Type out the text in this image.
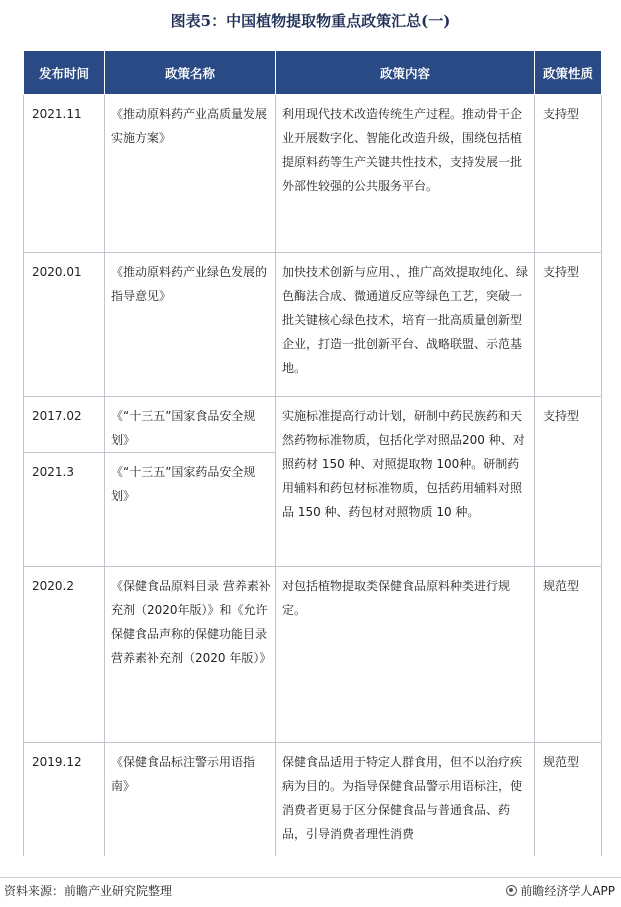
图表5：中国植物提取物重点政策汇总(一)
发布时间	政策名称	政策内容	政策性质
2021.11	《推动原料药产业高质量发展实施方案》	利用现代技术改造传统生产过程。推动骨干企业开展数字化、智能化改造升级，围绕包括植提原料药等生产关键共性技术，支持发展一批外部性较强的公共服务平台。	支持型
2020.01	《推动原料药产业绿色发展的指导意见》	加快技术创新与应用、，推广高效提取纯化、绿色酶法合成、微通道反应等绿色工艺，突破一批关键核心绿色技术，培育一批高质量创新型企业，打造一批创新平台、战略联盟、示范基地。	支持型
2017.02	《“十三五”国家食品安全规划》	实施标准提高行动计划，研制中药民族药和天然药物标准物质，包括化学对照品200 种、对照药材 150 种、对照提取物 100种。研制药用辅料和药包材标准物质，包括药用辅料对照品 150 种、药包材对照物质 10 种。	支持型
2021.3	《“十三五”国家药品安全规划》		
2020.2	《保健食品原料目录 营养素补充剂（2020年版）》和《允许保健食品声称的保健功能目录 营养素补充剂（2020 年版）》	对包括植物提取类保健食品原料种类进行规定。	规范型
2019.12	《保健食品标注警示用语指南》	保健食品适用于特定人群食用，但不以治疗疾病为目的。为指导保健食品警示用语标注，使消费者更易于区分保健食品与普通食品、药品，引导消费者理性消费	规范型
资料来源：前瞻产业研究院整理	前瞻经济学人APP
